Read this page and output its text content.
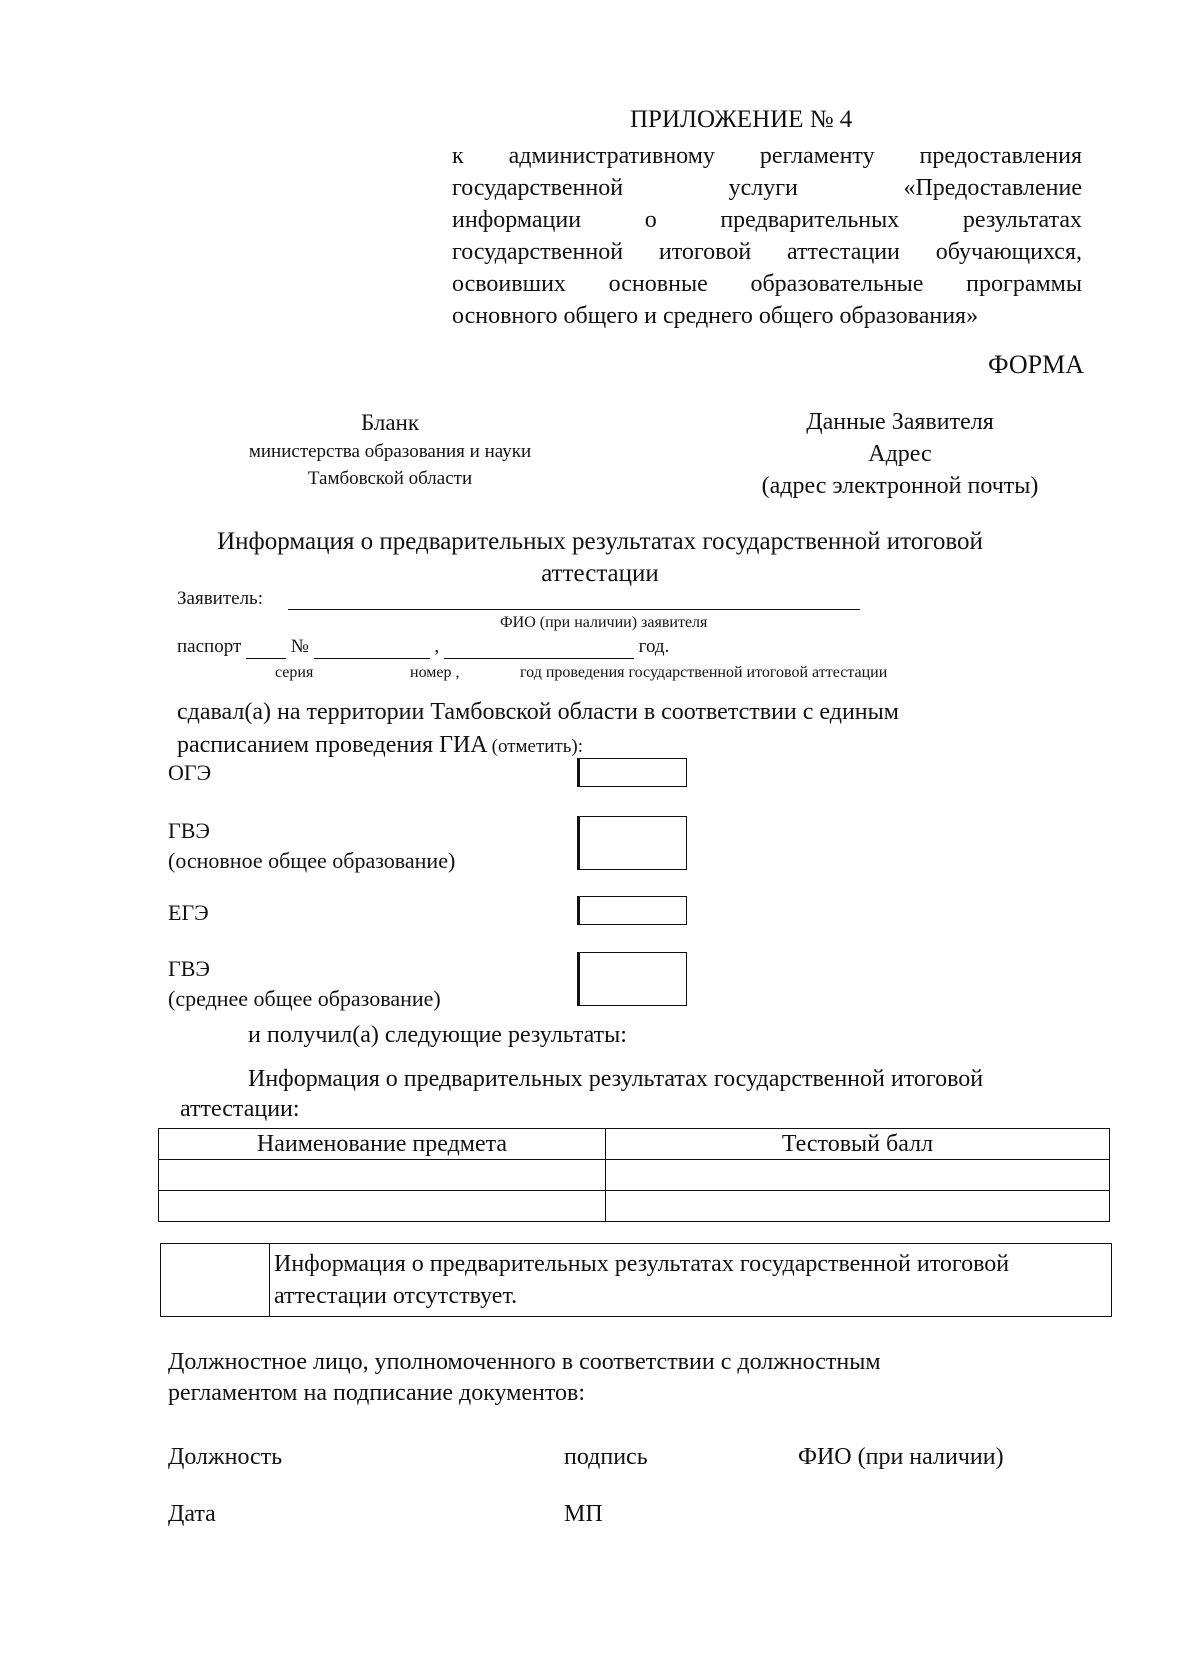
ПРИЛОЖЕНИЕ № 4
к административному регламенту предоставления
государственной услуги «Предоставление
информации о предварительных результатах
государственной итоговой аттестации обучающихся,
освоивших основные образовательные программы
основного общего и среднего общего образования»
ФОРМА
Бланк
министерства образования и науки
Тамбовской области
Данные Заявителя
Адрес
(адрес электронной почты)
Информация о предварительных результатах государственной итоговой аттестации
Заявитель:
ФИО (при наличии) заявителя
паспорт	№	,	год.
серия	номер ,	год проведения государственной итоговой аттестации
сдавал(а) на территории Тамбовской области в соответствии с единым
расписанием проведения ГИА (отметить):
ОГЭ
ГВЭ
(основное общее образование)
ЕГЭ
ГВЭ
(среднее общее образование)
и получил(а) следующие результаты:
Информация о предварительных результатах государственной итоговой
аттестации:
Наименование предмета	Тестовый балл

Информация о предварительных результатах государственной итоговой
аттестации отсутствует.
Должностное лицо, уполномоченного в соответствии с должностным
регламентом на подписание документов:
Должность	подпись	ФИО (при наличии)
Дата	МП
